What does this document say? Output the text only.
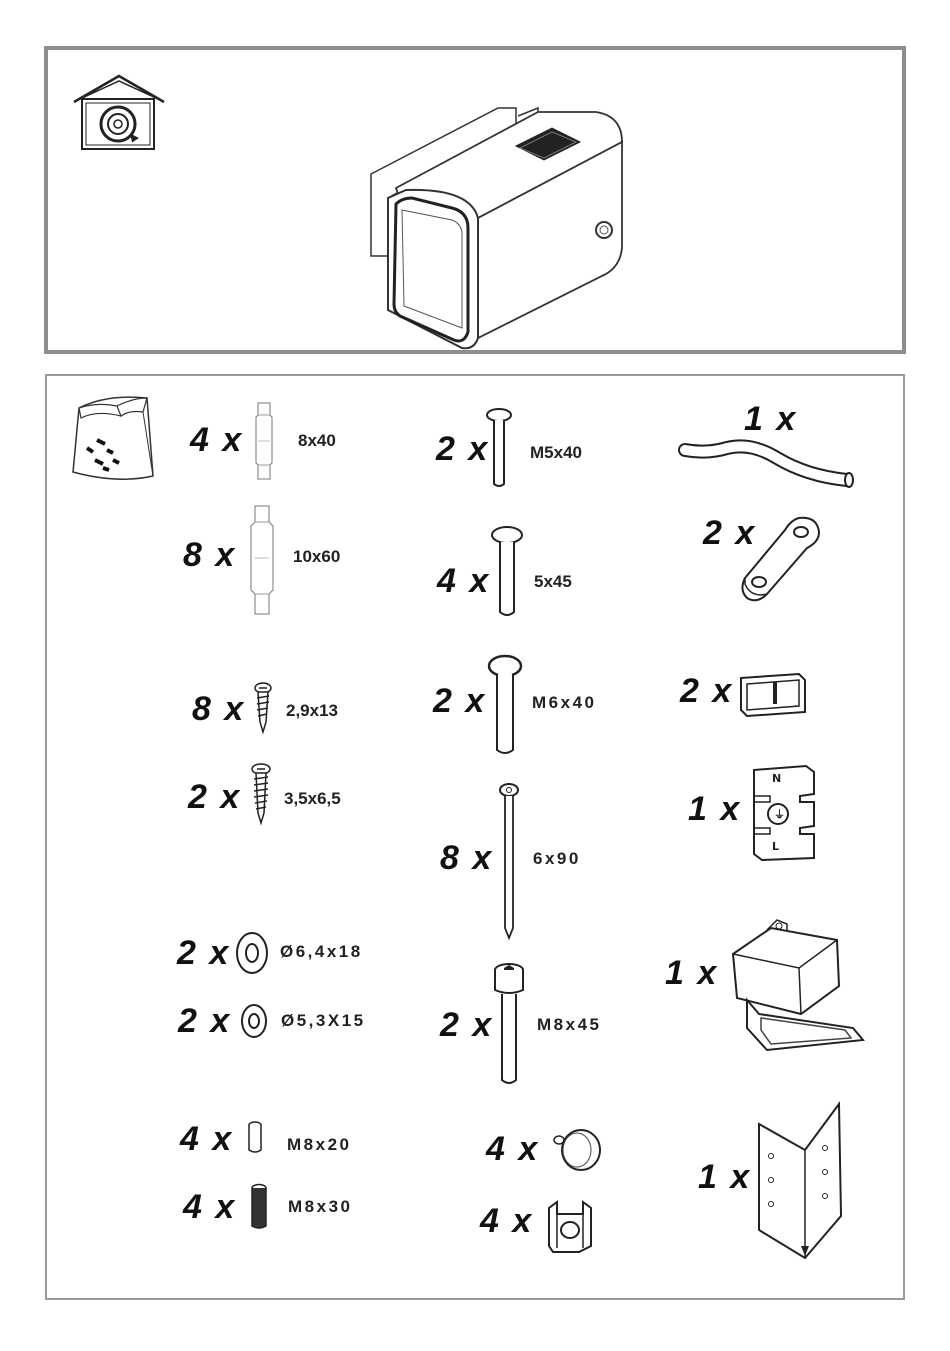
4 x	8x40
8 x	10x60
8 x 2,9x13
2 x	3,5x6,5
2 x	Ø6,4x18
2 x	Ø5,3X15
4 x	M8x20
4 x	M8x30
2 x M5x40
4 x	5x45
2 x	M6x40
8 x 6x90
2 x	M8x45
4 x
4 x
1 x
2 x
2 x
1 x
N
⏚
L
1 x
1 x
